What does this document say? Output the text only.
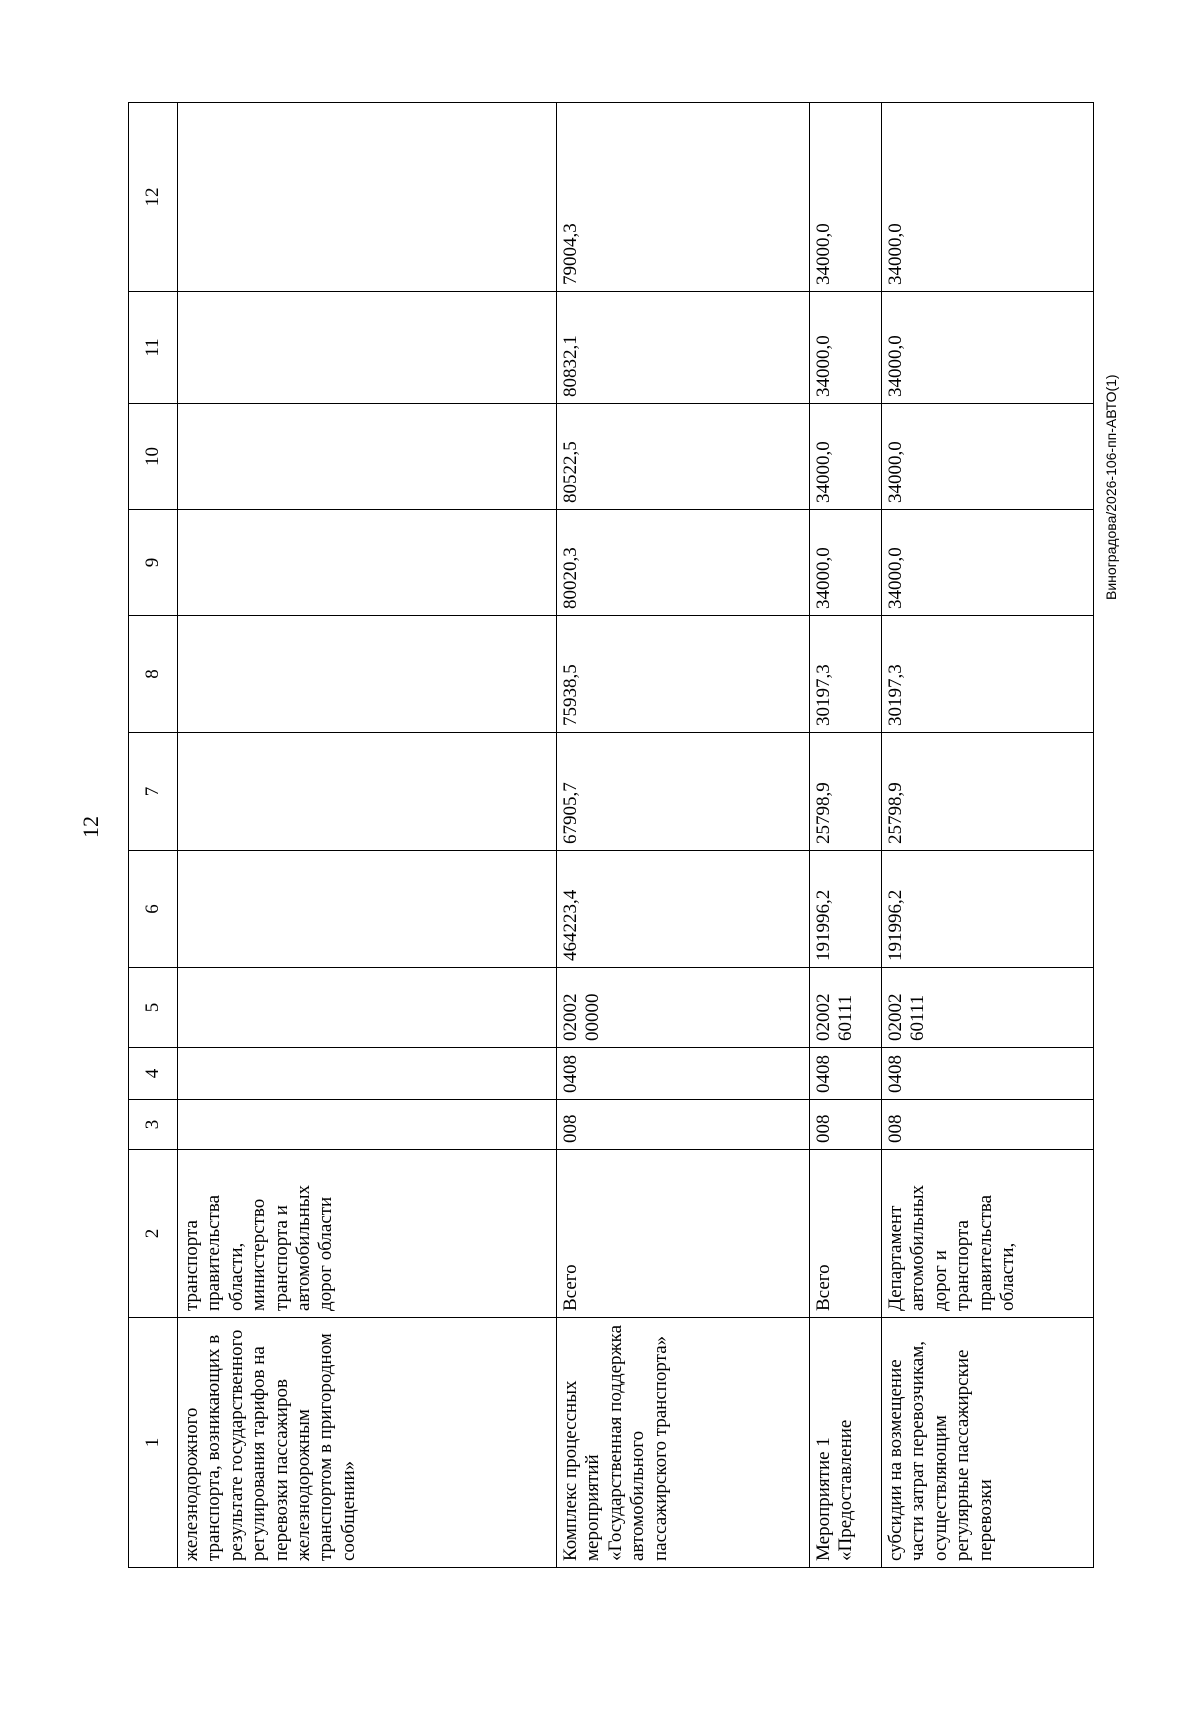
12
Виноградова/2026-106-пп-АВТО(1)
1	2	3	4	5	6	7	8	9	10	11	12
железнодорожного транспорта, возникающих в результате государственного регулирования тарифов на перевозки пассажиров железнодорожным транспортом в пригородном сообщении»	транспорта правительства области, министерство транспорта и автомобильных дорог области										
Комплекс процессных мероприятий «Государственная поддержка автомобильного пассажирского транспорта»	Всего	008	0408	02002 00000	464223,4	67905,7	75938,5	80020,3	80522,5	80832,1	79004,3
Мероприятие 1 «Предоставление	Всего	008	0408	02002 60111	191996,2	25798,9	30197,3	34000,0	34000,0	34000,0	34000,0
субсидии на возмещение части затрат перевозчикам, осуществляющим регулярные пассажирские перевозки	Департамент автомобильных дорог и транспорта правительства области,	008	0408	02002 60111	191996,2	25798,9	30197,3	34000,0	34000,0	34000,0	34000,0
